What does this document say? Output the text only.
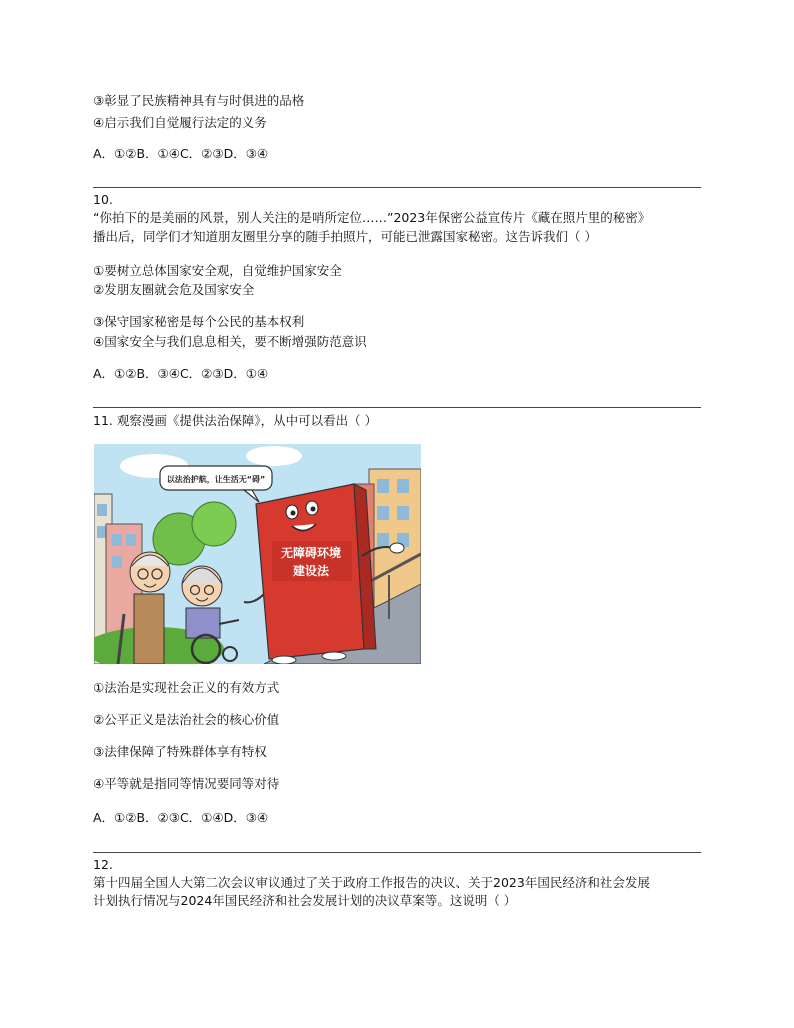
③彰显了民族精神具有与时俱进的品格
④启示我们自觉履行法定的义务
A．①②B．①④C．②③D．③④
10.
“你拍下的是美丽的风景，别人关注的是哨所定位……”2023年保密公益宣传片《藏在照片里的秘密》
播出后，同学们才知道朋友圈里分享的随手拍照片，可能已泄露国家秘密。这告诉我们（ ）
①要树立总体国家安全观，自觉维护国家安全
②发朋友圈就会危及国家安全
③保守国家秘密是每个公民的基本权利
④国家安全与我们息息相关，要不断增强防范意识
A．①②B．③④C．②③D．①④
11. 观察漫画《提供法治保障》，从中可以看出（ ）
以法治护航，让生活无“碍”
无障碍环境
建设法
①法治是实现社会正义的有效方式
②公平正义是法治社会的核心价值
③法律保障了特殊群体享有特权
④平等就是指同等情况要同等对待
A．①②B．②③C．①④D．③④
12.
第十四届全国人大第二次会议审议通过了关于政府工作报告的决议、关于2023年国民经济和社会发展
计划执行情况与2024年国民经济和社会发展计划的决议草案等。这说明（ ）
